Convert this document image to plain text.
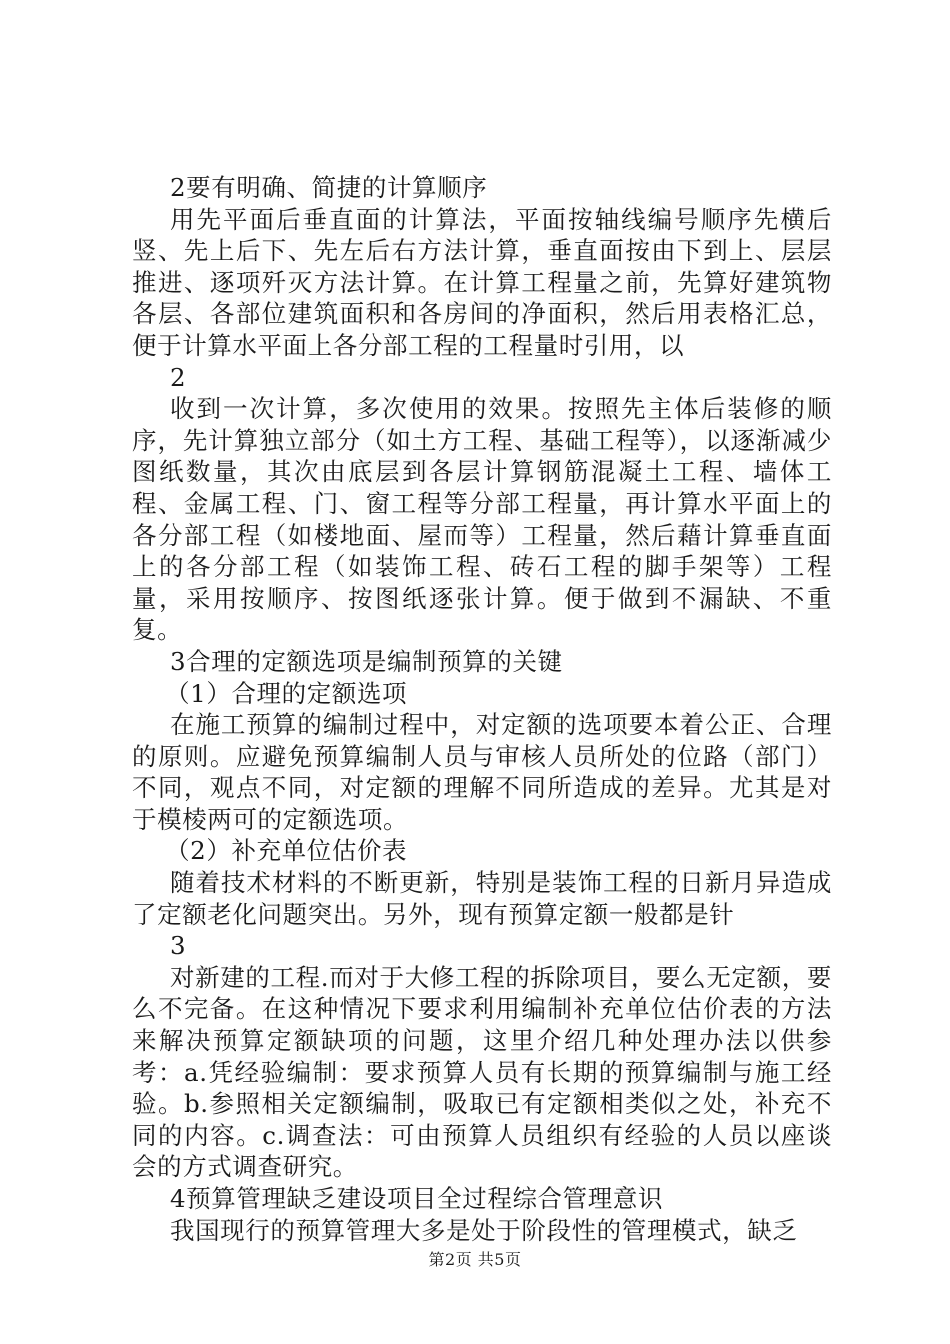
2要有明确、简捷的计算顺序

用先平面后垂直面的计算法，平面按轴线编号顺序先横后竖、先上后下、先左后右方法计算，垂直面按由下到上、层层推进、逐项歼灭方法计算。在计算工程量之前，先算好建筑物各层、各部位建筑面积和各房间的净面积，然后用表格汇总，便于计算水平面上各分部工程的工程量时引用，以

2

收到一次计算，多次使用的效果。按照先主体后装修的顺序，先计算独立部分（如土方工程、基础工程等），以逐渐减少图纸数量，其次由底层到各层计算钢筋混凝土工程、墙体工程、金属工程、门、窗工程等分部工程量，再计算水平面上的各分部工程（如楼地面、屋而等）工程量，然后藉计算垂直面上的各分部工程（如装饰工程、砖石工程的脚手架等）工程量，采用按顺序、按图纸逐张计算。便于做到不漏缺、不重复。

3合理的定额选项是编制预算的关键

（1）合理的定额选项

在施工预算的编制过程中，对定额的选项要本着公正、合理的原则。应避免预算编制人员与审核人员所处的位路（部门）不同，观点不同，对定额的理解不同所造成的差异。尤其是对于模棱两可的定额选项。

（2）补充单位估价表

随着技术材料的不断更新，特别是装饰工程的日新月异造成了定额老化问题突出。另外，现有预算定额一般都是针

3

对新建的工程.而对于大修工程的拆除项目，要么无定额，要么不完备。在这种情况下要求利用编制补充单位估价表的方法来解决预算定额缺项的问题，这里介绍几种处理办法以供参考：a.凭经验编制：要求预算人员有长期的预算编制与施工经验。b.参照相关定额编制，吸取已有定额相类似之处，补充不同的内容。c.调查法：可由预算人员组织有经验的人员以座谈会的方式调查研究。

4预算管理缺乏建设项目全过程综合管理意识

我国现行的预算管理大多是处于阶段性的管理模式，缺乏

第2页 共5页
